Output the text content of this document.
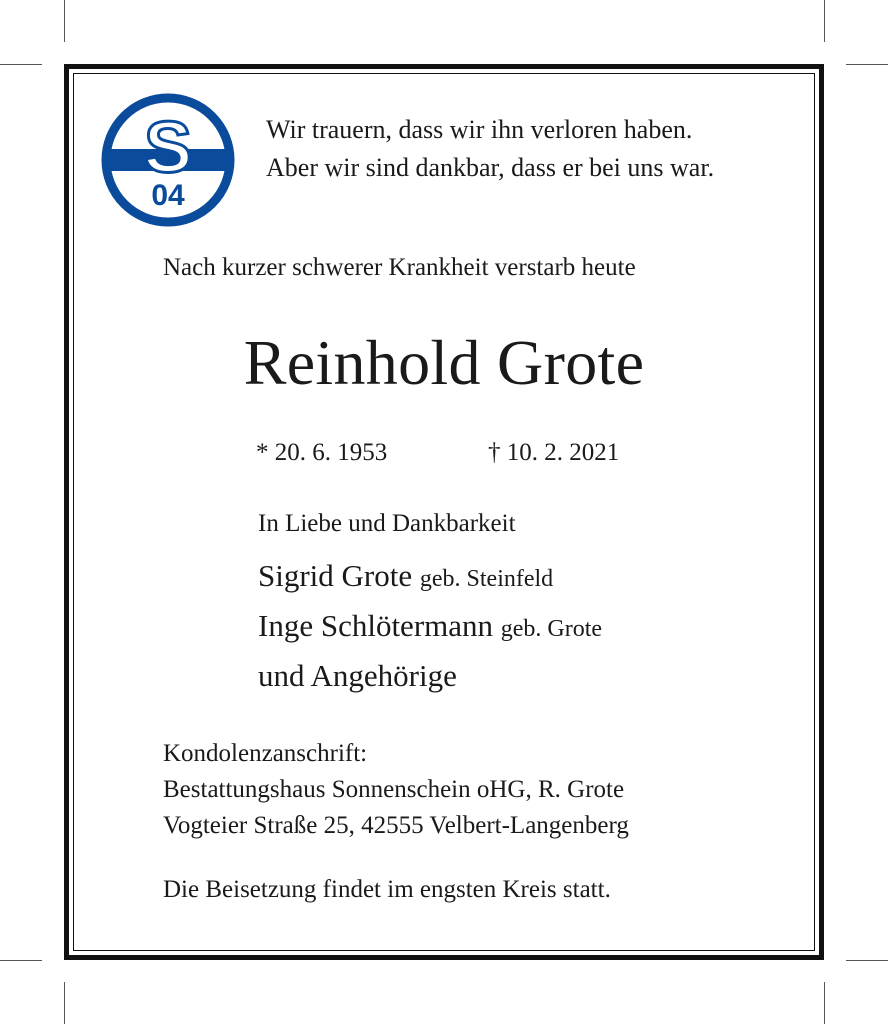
S
04
Wir trauern, dass wir ihn verloren haben.
Aber wir sind dankbar, dass er bei uns war.
Nach kurzer schwerer Krankheit verstarb heute
Reinhold Grote
* 20. 6. 1953	† 10. 2. 2021
In Liebe und Dankbarkeit
Sigrid Grote geb. Steinfeld
Inge Schlötermann geb. Grote
und Angehörige
Kondolenzanschrift:
Bestattungshaus Sonnenschein oHG, R. Grote
Vogteier Straße 25, 42555 Velbert-Langenberg
Die Beisetzung findet im engsten Kreis statt.
